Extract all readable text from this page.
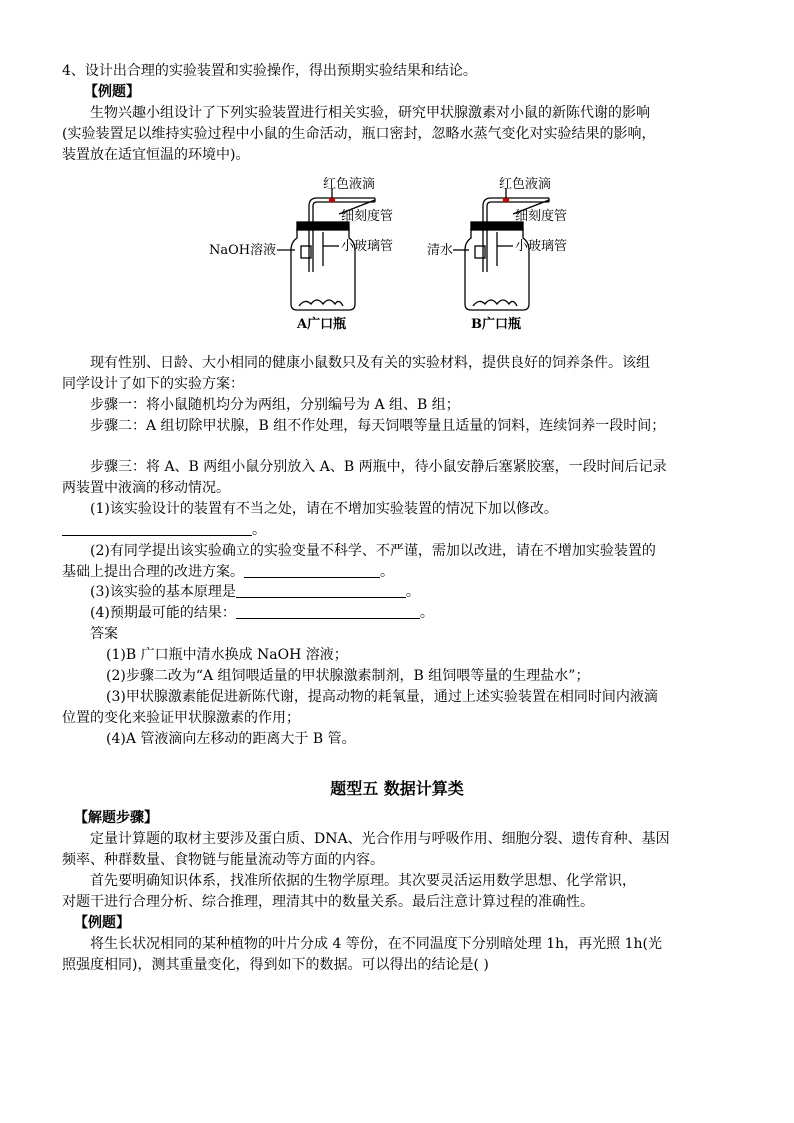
4、设计出合理的实验装置和实验操作，得出预期实验结果和结论。
【例题】
生物兴趣小组设计了下列实验装置进行相关实验，研究甲状腺激素对小鼠的新陈代谢的影响
(实验装置足以维持实验过程中小鼠的生命活动，瓶口密封，忽略水蒸气变化对实验结果的影响，
装置放在适宜恒温的环境中)。
红色液滴
细刻度管
NaOH溶液	小玻璃管
A广口瓶
红色液滴
细刻度管
清水	小玻璃管
B广口瓶
现有性别、日龄、大小相同的健康小鼠数只及有关的实验材料，提供良好的饲养条件。该组
同学设计了如下的实验方案：
步骤一：将小鼠随机均分为两组，分别编号为 A 组、B 组；
步骤二：A 组切除甲状腺，B 组不作处理，每天饲喂等量且适量的饲料，连续饲养一段时间；
步骤三：将 A、B 两组小鼠分别放入 A、B 两瓶中，待小鼠安静后塞紧胶塞，一段时间后记录
两装置中液滴的移动情况。
(1)该实验设计的装置有不当之处，请在不增加实验装置的情况下加以修改。
。
(2)有同学提出该实验确立的实验变量不科学、不严谨，需加以改进，请在不增加实验装置的
基础上提出合理的改进方案。	。
(3)该实验的基本原理是	。
(4)预期最可能的结果：	。
答案
(1)B 广口瓶中清水换成 NaOH 溶液；
(2)步骤二改为“A 组饲喂适量的甲状腺激素制剂，B 组饲喂等量的生理盐水”；
(3)甲状腺激素能促进新陈代谢，提高动物的耗氧量，通过上述实验装置在相同时间内液滴
位置的变化来验证甲状腺激素的作用；
(4)A 管液滴向左移动的距离大于 B 管。
题型五 数据计算类
【解题步骤】
定量计算题的取材主要涉及蛋白质、DNA、光合作用与呼吸作用、细胞分裂、遗传育种、基因
频率、种群数量、食物链与能量流动等方面的内容。
首先要明确知识体系，找准所依据的生物学原理。其次要灵活运用数学思想、化学常识，
对题干进行合理分析、综合推理，理清其中的数量关系。最后注意计算过程的准确性。
【例题】
将生长状况相同的某种植物的叶片分成 4 等份，在不同温度下分别暗处理 1h，再光照 1h(光
照强度相同)，测其重量变化，得到如下的数据。可以得出的结论是( )
